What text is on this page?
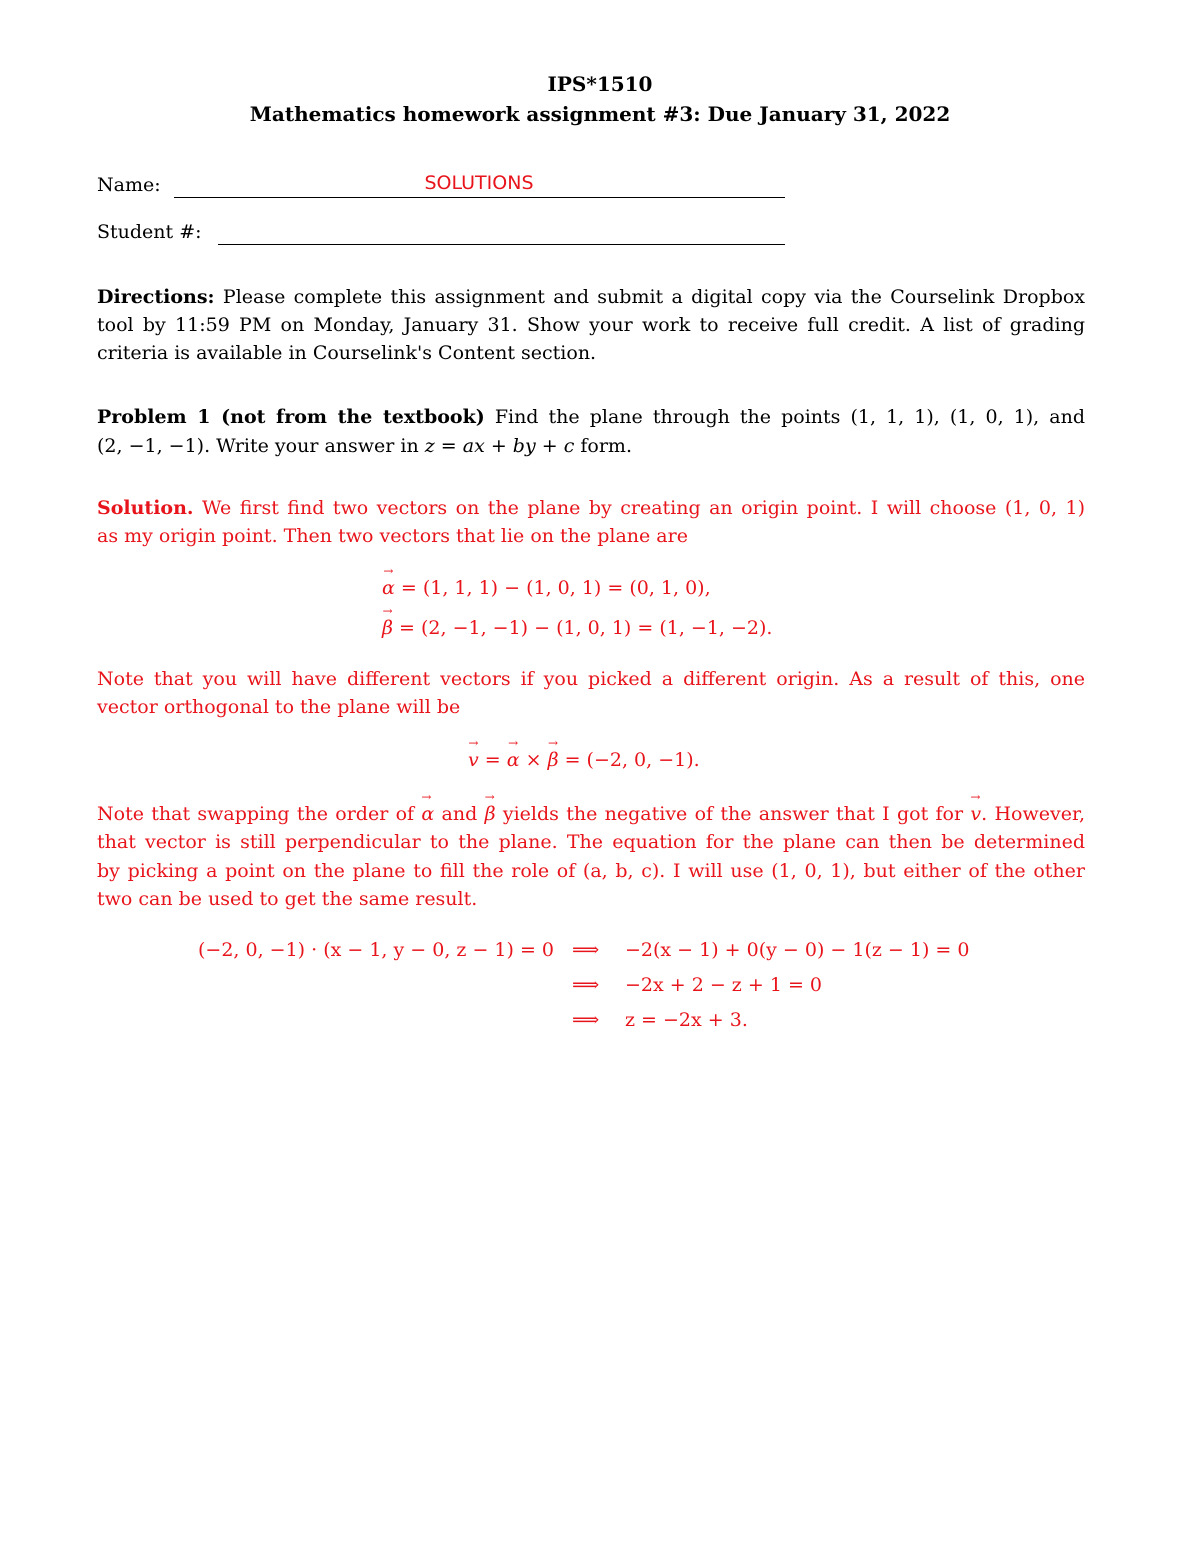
IPS*1510
Mathematics homework assignment #3: Due January 31, 2022
Name:	SOLUTIONS
Student #:
Directions: Please complete this assignment and submit a digital copy via the Courselink Dropbox
tool by 11:59 PM on Monday, January 31. Show your work to receive full credit. A list of grading
criteria is available in Courselink's Content section.
Problem 1 (not from the textbook) Find the plane through the points (1, 1, 1), (1, 0, 1), and
(2, −1, −1). Write your answer in z = ax + by + c form.
Solution. We first find two vectors on the plane by creating an origin point. I will choose (1, 0, 1)
as my origin point. Then two vectors that lie on the plane are
→ α = (1, 1, 1) − (1, 0, 1) = (0, 1, 0),
→ β = (2, −1, −1) − (1, 0, 1) = (1, −1, −2).
Note that you will have different vectors if you picked a different origin. As a result of this, one
vector orthogonal to the plane will be
→ v = → α × → β = (−2, 0, −1).
Note that swapping the order of → α and → β yields the negative of the answer that I got for → v. However,
that vector is still perpendicular to the plane. The equation for the plane can then be determined
by picking a point on the plane to fill the role of (a, b, c). I will use (1, 0, 1), but either of the other
two can be used to get the same result.
(−2, 0, −1) · (x − 1, y − 0, z − 1) = 0 ⟹ −2(x − 1) + 0(y − 0) − 1(z − 1) = 0
⟹ −2x + 2 − z + 1 = 0
⟹ z = −2x + 3.
